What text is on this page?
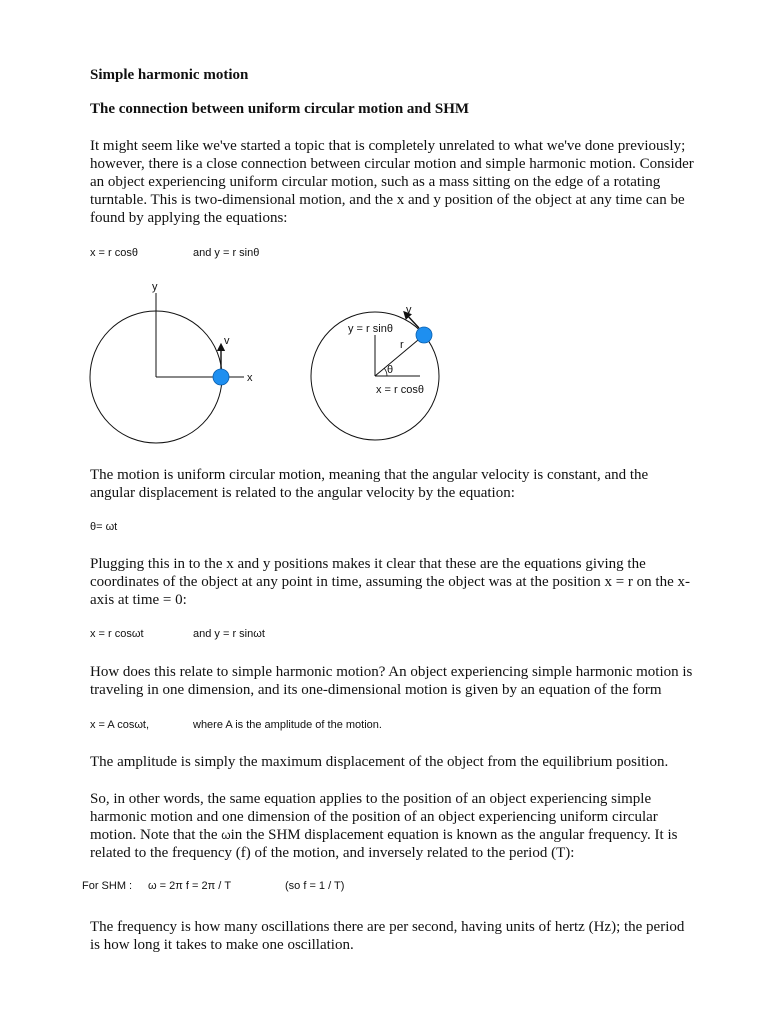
Simple harmonic motion
The connection between uniform circular motion and SHM
It might seem like we've started a topic that is completely unrelated to what we've done previously; however, there is a close connection between circular motion and simple harmonic motion. Consider an object experiencing uniform circular motion, such as a mass sitting on the edge of a rotating turntable. This is two-dimensional motion, and the x and y position of the object at any time can be found by applying the equations:
x = r cosθ	and y = r sinθ
y
x
v
v
y = r sinθ
r
θ
x = r cosθ
The motion is uniform circular motion, meaning that the angular velocity is constant, and the angular displacement is related to the angular velocity by the equation:
θ= ωt
Plugging this in to the x and y positions makes it clear that these are the equations giving the coordinates of the object at any point in time, assuming the object was at the position x = r on the x-axis at time = 0:
x = r cosωt	and y = r sinωt
How does this relate to simple harmonic motion? An object experiencing simple harmonic motion is traveling in one dimension, and its one-dimensional motion is given by an equation of the form
x = A cosωt,	where A is the amplitude of the motion.
The amplitude is simply the maximum displacement of the object from the equilibrium position.
So, in other words, the same equation applies to the position of an object experiencing simple harmonic motion and one dimension of the position of an object experiencing uniform circular motion. Note that the ωin the SHM displacement equation is known as the angular frequency. It is related to the frequency (f) of the motion, and inversely related to the period (T):
For SHM : ω = 2π f = 2π / T	(so f = 1 / T)
The frequency is how many oscillations there are per second, having units of hertz (Hz); the period is how long it takes to make one oscillation.
